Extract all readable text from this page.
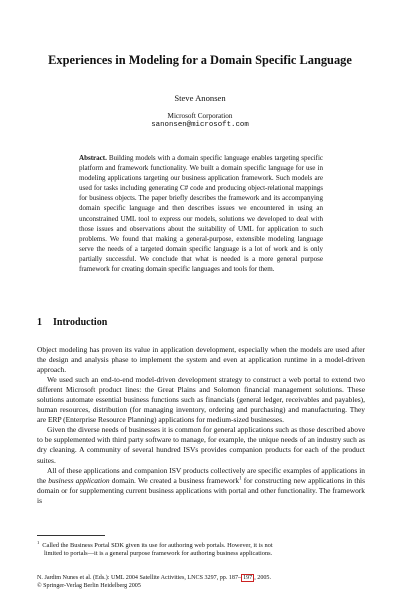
Experiences in Modeling for a Domain Specific Language
Steve Anonsen
Microsoft Corporation
sanonsen@microsoft.com
Abstract. Building models with a domain specific language enables targeting specific platform and framework functionality. We built a domain specific language for use in modeling applications targeting our business application framework. Such models are used for tasks including generating C# code and producing object-relational mappings for business objects. The paper briefly describes the framework and its accompanying domain specific language and then describes issues we encountered in using an unconstrained UML tool to express our models, solutions we developed to deal with those issues and observations about the suitability of UML for application to such problems. We found that making a general-purpose, extensible modeling language serve the needs of a targeted domain specific language is a lot of work and is only partially successful. We conclude that what is needed is a more general purpose framework for creating domain specific languages and tools for them.
1 Introduction

Object modeling has proven its value in application development, especially when the models are used after the design and analysis phase to implement the system and even at application runtime in a model-driven approach.

We used such an end-to-end model-driven development strategy to construct a web portal to extend two different Microsoft product lines: the Great Plains and Solomon financial management solutions. These solutions automate essential business functions such as financials (general ledger, receivables and payables), human resources, distribution (for managing inventory, ordering and purchasing) and manufacturing. They are ERP (Enterprise Resource Planning) applications for medium-sized businesses.

Given the diverse needs of businesses it is common for general applications such as those described above to be supplemented with third party software to manage, for example, the unique needs of an industry such as dry cleaning. A community of several hundred ISVs provides companion products for each of the product suites.

All of these applications and companion ISV products collectively are specific examples of applications in the business application domain. We created a business framework$^1$ for constructing new applications in this domain or for supplementing current business applications with portal and other functionality. The framework is

$^1$ Called the Business Portal SDK given its use for authoring web portals. However, it is not
limited to portals—it is a general purpose framework for authoring business applications.
N. Jardim Nunes et al. (Eds.): UML 2004 Satellite Activities, LNCS 3297, pp. 187– 197 , 2005.
© Springer-Verlag Berlin Heidelberg 2005
